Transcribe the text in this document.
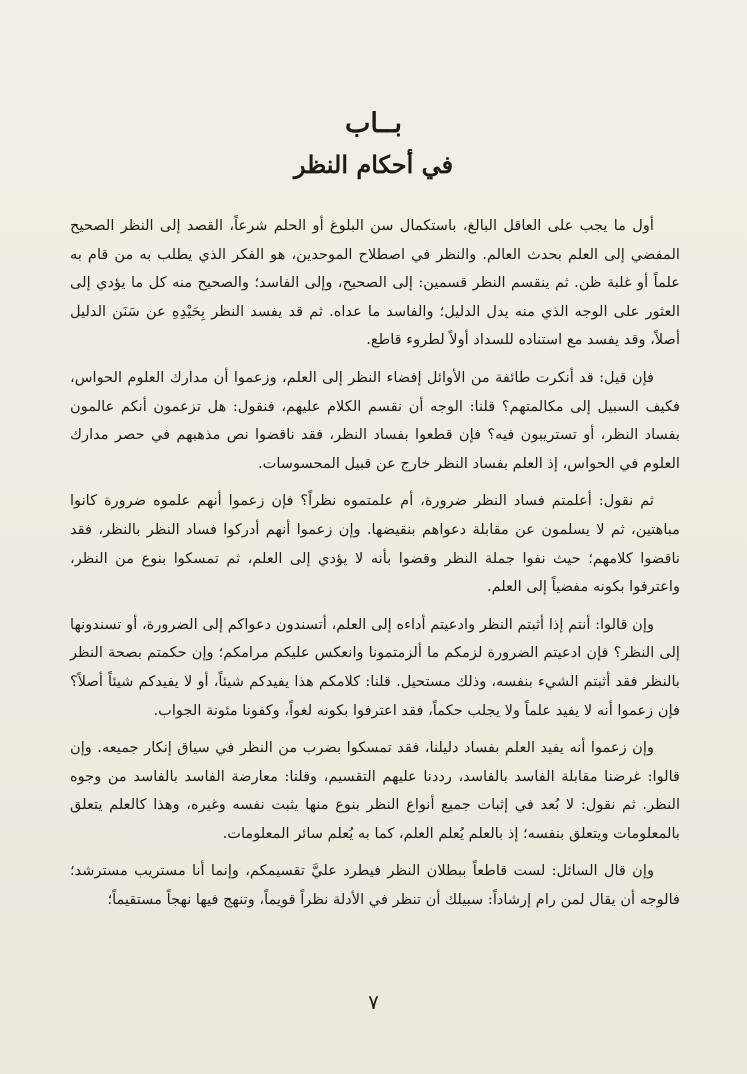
بــاب
في أحكام النظر

أول ما يجب على العاقل البالغ، باستكمال سن البلوغ أو الحلم شرعاً، القصد إلى النظر الصحيح المفضي إلى العلم بحدث العالم. والنظر في اصطلاح الموحدين، هو الفكر الذي يطلب به من قام به علماً أو غلبة ظن. ثم ينقسم النظر قسمين: إلى الصحيح، وإلى الفاسد؛ والصحيح منه كل ما يؤدي إلى العثور على الوجه الذي منه يدل الدليل؛ والفاسد ما عداه. ثم قد يفسد النظر بِحَيْدِهِ عن سَنَن الدليل أصلاً، وقد يفسد مع استناده للسداد أولاً لطروء قاطع.

فإن قيل: قد أنكرت طائفة من الأوائل إفضاء النظر إلى العلم، وزعموا أن مدارك العلوم الحواس، فكيف السبيل إلى مكالمتهم؟ قلنا: الوجه أن نقسم الكلام عليهم، فنقول: هل تزعمون أنكم عالمون بفساد النظر، أو تستريبون فيه؟ فإن قطعوا بفساد النظر، فقد ناقضوا نص مذهبهم في حصر مدارك العلوم في الحواس، إذ العلم بفساد النظر خارج عن قبيل المحسوسات.

ثم نقول: أعلمتم فساد النظر ضرورة، أم علمتموه نظراً؟ فإن زعموا أنهم علموه ضرورة كانوا مباهتين، ثم لا يسلمون عن مقابلة دعواهم بنقيضها. وإن زعموا أنهم أدركوا فساد النظر بالنظر، فقد ناقضوا كلامهم؛ حيث نفوا جملة النظر وقضوا بأنه لا يؤدي إلى العلم، ثم تمسكوا بنوع من النظر، واعترفوا بكونه مفضياً إلى العلم.

وإن قالوا: أنتم إذا أثبتم النظر وادعيتم أداءه إلى العلم، أتسندون دعواكم إلى الضرورة، أو تسندونها إلى النظر؟ فإن ادعيتم الضرورة لزمكم ما ألزمتمونا وانعكس عليكم مرامكم؛ وإن حكمتم بصحة النظر بالنظر فقد أثبتم الشيء بنفسه، وذلك مستحيل. قلنا: كلامكم هذا يفيدكم شيئاً، أو لا يفيدكم شيئاً أصلاً؟ فإن زعموا أنه لا يفيد علماً ولا يجلب حكماً، فقد اعترفوا بكونه لغواً، وكفونا مئونة الجواب.

وإن زعموا أنه يفيد العلم بفساد دليلنا، فقد تمسكوا بضرب من النظر في سياق إنكار جميعه. وإن قالوا: غرضنا مقابلة الفاسد بالفاسد، رددنا عليهم التقسيم، وقلنا: معارضة الفاسد بالفاسد من وجوه النظر. ثم نقول: لا بُعد في إثبات جميع أنواع النظر بنوع منها يثبت نفسه وغيره، وهذا كالعلم يتعلق بالمعلومات ويتعلق بنفسه؛ إذ بالعلم يُعلم العلم، كما به يُعلم سائر المعلومات.

وإن قال السائل: لست قاطعاً ببطلان النظر فيطرد عليَّ تقسيمكم، وإنما أنا مستريب مسترشد؛ فالوجه أن يقال لمن رام إرشاداً: سبيلك أن تنظر في الأدلة نظراً قويماً، وتنهج فيها نهجاً مستقيماً؛

٧
